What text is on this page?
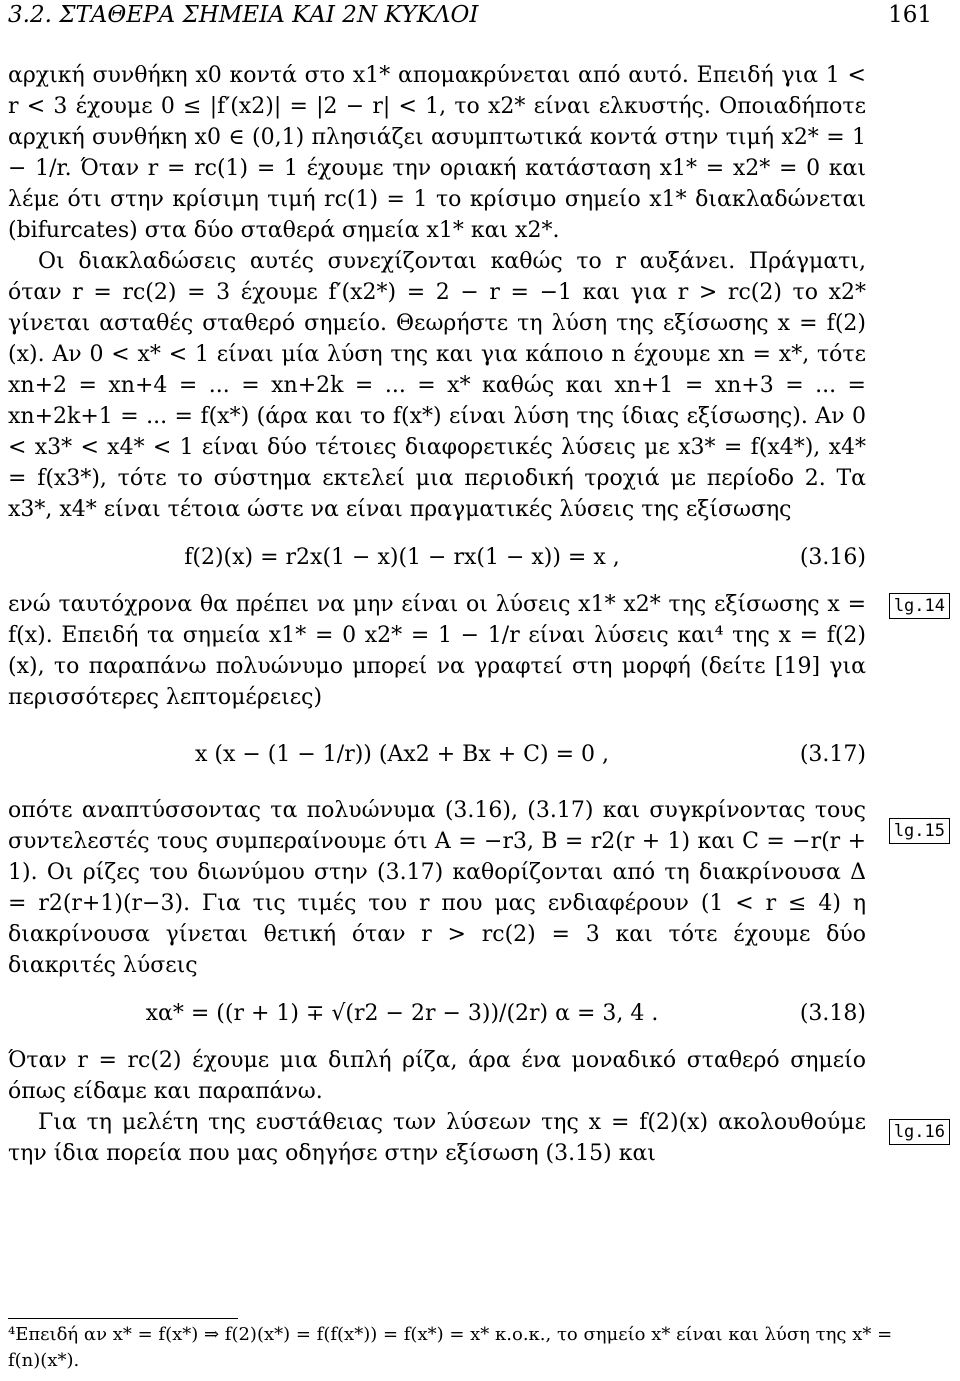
3.2. ΣΤΑΘΕΡΑ ΣΗΜΕΙΑ ΚΑΙ 2N ΚΥΚΛΟΙ	161

αρχική συνθήκη x0 κοντά στο x1* απομακρύνεται από αυτό. Επειδή για 1 < r < 3 έχουμε 0 ≤ |f′(x2)| = |2 − r| < 1, το x2* είναι ελκυστής. Οποιαδήποτε αρχική συνθήκη x0 ∈ (0,1) πλησιάζει ασυμπτωτικά κοντά στην τιμή x2* = 1 − 1/r. Όταν r = rc(1) = 1 έχουμε την οριακή κατάσταση x1* = x2* = 0 και λέμε ότι στην κρίσιμη τιμή rc(1) = 1 το κρίσιμο σημείο x1* διακλαδώνεται (bifurcates) στα δύο σταθερά σημεία x1* και x2*.

Οι διακλαδώσεις αυτές συνεχίζονται καθώς το r αυξάνει. Πράγματι, όταν r = rc(2) = 3 έχουμε f′(x2*) = 2 − r = −1 και για r > rc(2) το x2* γίνεται ασταθές σταθερό σημείο. Θεωρήστε τη λύση της εξίσωσης x = f(2)(x). Αν 0 < x* < 1 είναι μία λύση της και για κάποιο n έχουμε xn = x*, τότε xn+2 = xn+4 = ... = xn+2k = ... = x* καθώς και xn+1 = xn+3 = ... = xn+2k+1 = ... = f(x*) (άρα και το f(x*) είναι λύση της ίδιας εξίσωσης). Αν 0 < x3* < x4* < 1 είναι δύο τέτοιες διαφορετικές λύσεις με x3* = f(x4*), x4* = f(x3*), τότε το σύστημα εκτελεί μια περιοδική τροχιά με περίοδο 2. Τα x3*, x4* είναι τέτοια ώστε να είναι πραγματικές λύσεις της εξίσωσης

f(2)(x) = r2x(1 − x)(1 − rx(1 − x)) = x ,	(3.16)

ενώ ταυτόχρονα θα πρέπει να μην είναι οι λύσεις x1* x2* της εξίσωσης x = f(x). Επειδή τα σημεία x1* = 0 x2* = 1 − 1/r είναι λύσεις και⁴ της x = f(2)(x), το παραπάνω πολυώνυμο μπορεί να γραφτεί στη μορφή (δείτε [19] για περισσότερες λεπτομέρειες)

x (x − (1 − 1/r)) (Ax2 + Bx + C) = 0 ,	(3.17)

οπότε αναπτύσσοντας τα πολυώνυμα (3.16), (3.17) και συγκρίνοντας τους συντελεστές τους συμπεραίνουμε ότι A = −r3, B = r2(r + 1) και C = −r(r + 1). Οι ρίζες του διωνύμου στην (3.17) καθορίζονται από τη διακρίνουσα Δ = r2(r+1)(r−3). Για τις τιμές του r που μας ενδιαφέρουν (1 < r ≤ 4) η διακρίνουσα γίνεται θετική όταν r > rc(2) = 3 και τότε έχουμε δύο διακριτές λύσεις

xα* = ((r + 1) ∓ √(r2 − 2r − 3))/(2r) α = 3, 4 .	(3.18)

Όταν r = rc(2) έχουμε μια διπλή ρίζα, άρα ένα μοναδικό σταθερό σημείο όπως είδαμε και παραπάνω.

Για τη μελέτη της ευστάθειας των λύσεων της x = f(2)(x) ακολουθούμε την ίδια πορεία που μας οδηγήσε στην εξίσωση (3.15) και

lg.14
lg.15
lg.16
⁴Επειδή αν x* = f(x*) ⇒ f(2)(x*) = f(f(x*)) = f(x*) = x* κ.ο.κ., το σημείο x* είναι και λύση της x* = f(n)(x*).
